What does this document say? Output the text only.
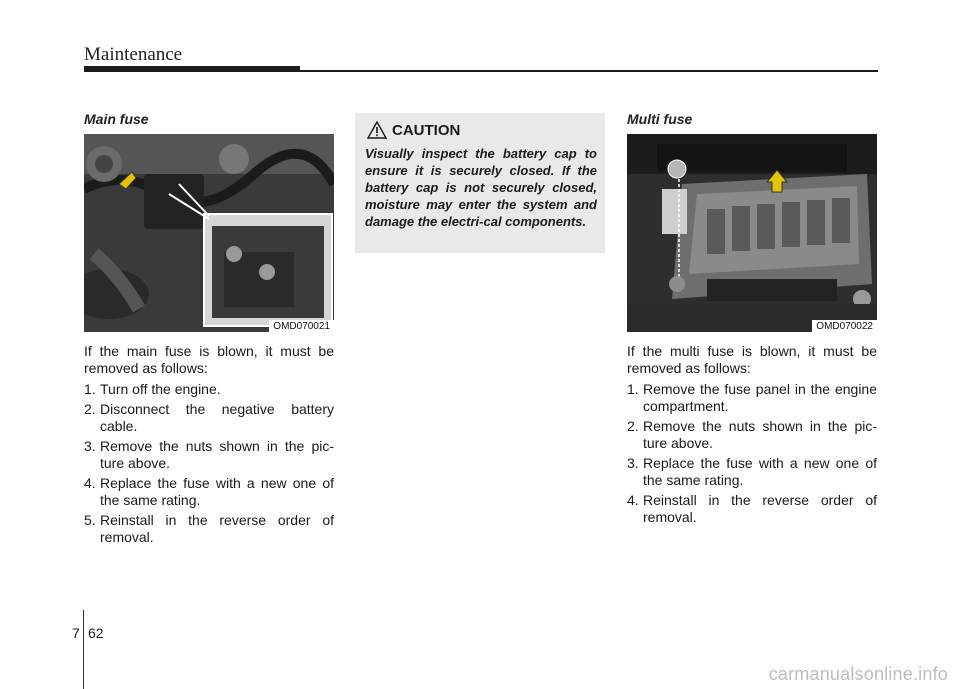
Maintenance
Main fuse
OMD070021

If the main fuse is blown, it must be removed as follows:

1. Turn off the engine.
2. Disconnect the negative battery cable.
3. Remove the nuts shown in the pic-ture above.
4. Replace the fuse with a new one of the same rating.
5. Reinstall in the reverse order of removal.
CAUTION
Visually inspect the battery cap to ensure it is securely closed. If the battery cap is not securely closed, moisture may enter the system and damage the electri-cal components.
Multi fuse
OMD070022

If the multi fuse is blown, it must be removed as follows:

1. Remove the fuse panel in the engine compartment.
2. Remove the nuts shown in the pic-ture above.
3. Replace the fuse with a new one of the same rating.
4. Reinstall in the reverse order of removal.
7 62
carmanualsonline.info
